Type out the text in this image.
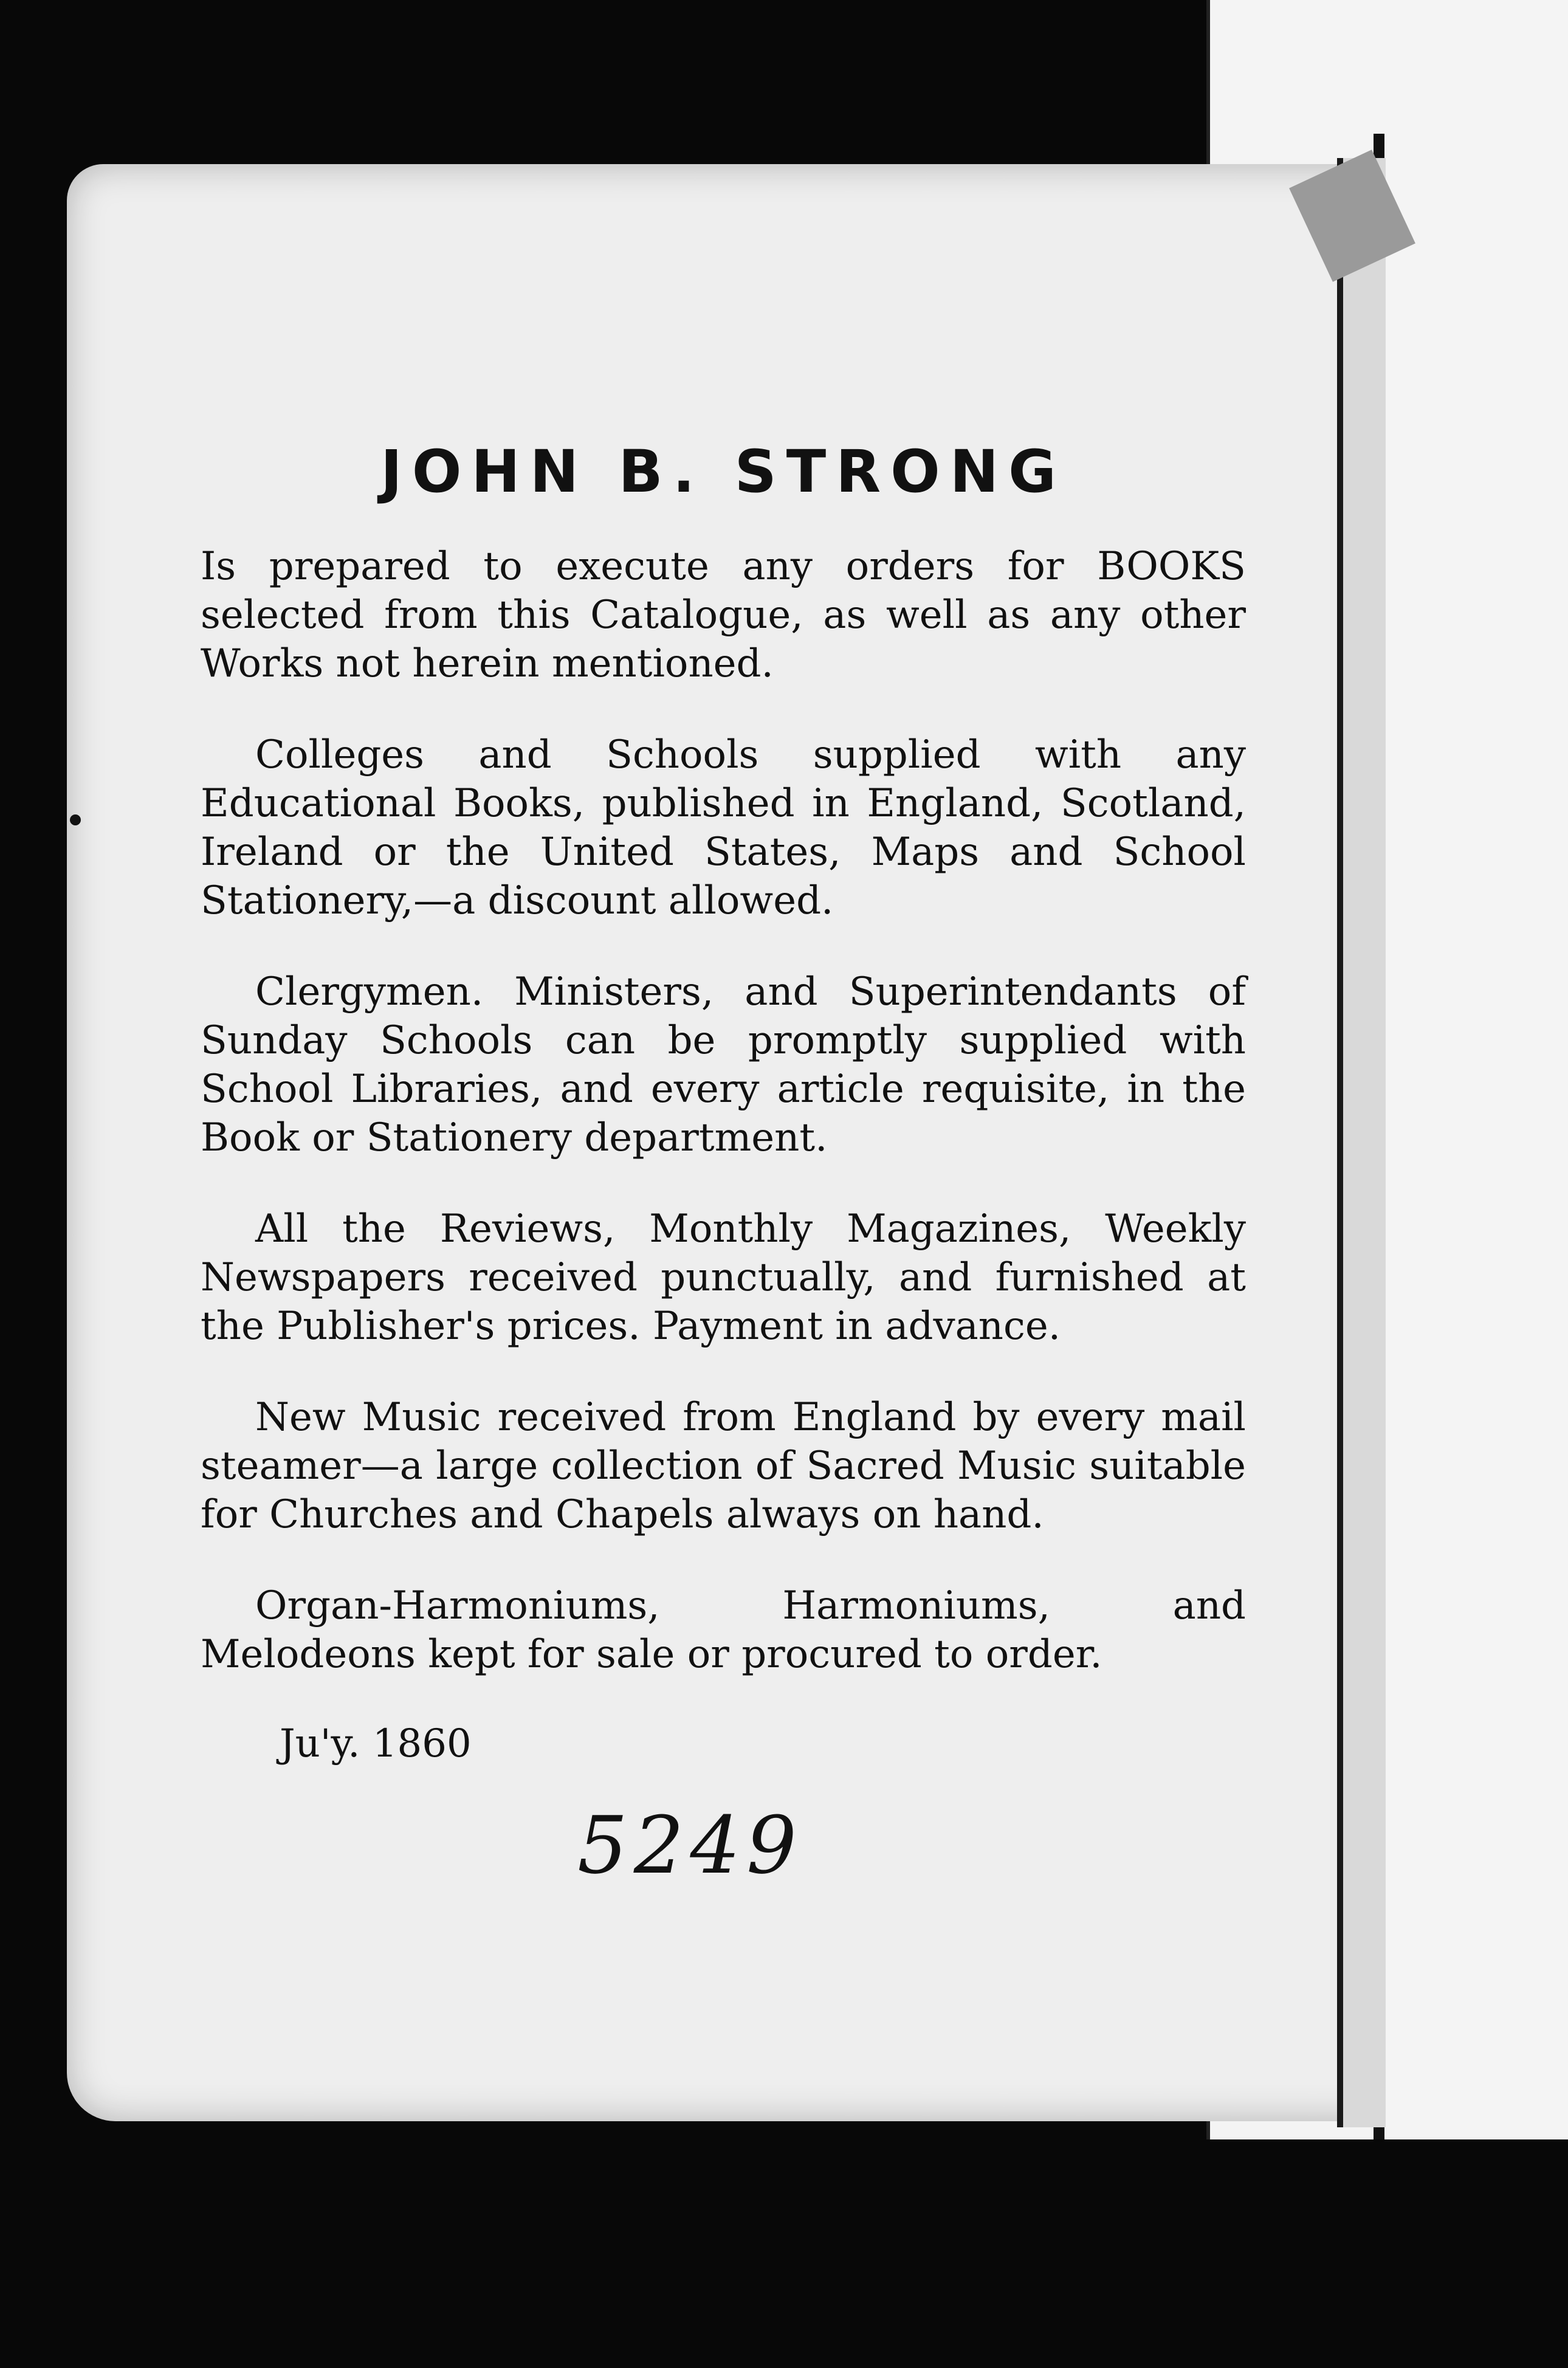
JOHN B. STRONG

Is prepared to execute any orders for BOOKS selected from this Catalogue, as well as any other Works not herein mentioned.

Colleges and Schools supplied with any Educational Books, published in England, Scotland, Ireland or the United States, Maps and School Stationery,—a discount allowed.

Clergymen. Ministers, and Superintendants of Sunday Schools can be promptly supplied with School Libraries, and every article requisite, in the Book or Stationery department.

All the Reviews, Monthly Magazines, Weekly Newspapers received punctually, and furnished at the Publisher's prices. Payment in advance.

New Music received from England by every mail steamer—a large collection of Sacred Music suitable for Churches and Chapels always on hand.

Organ-Harmoniums, Harmoniums, and Melodeons kept for sale or procured to order.

Ju'y. 1860
5249
